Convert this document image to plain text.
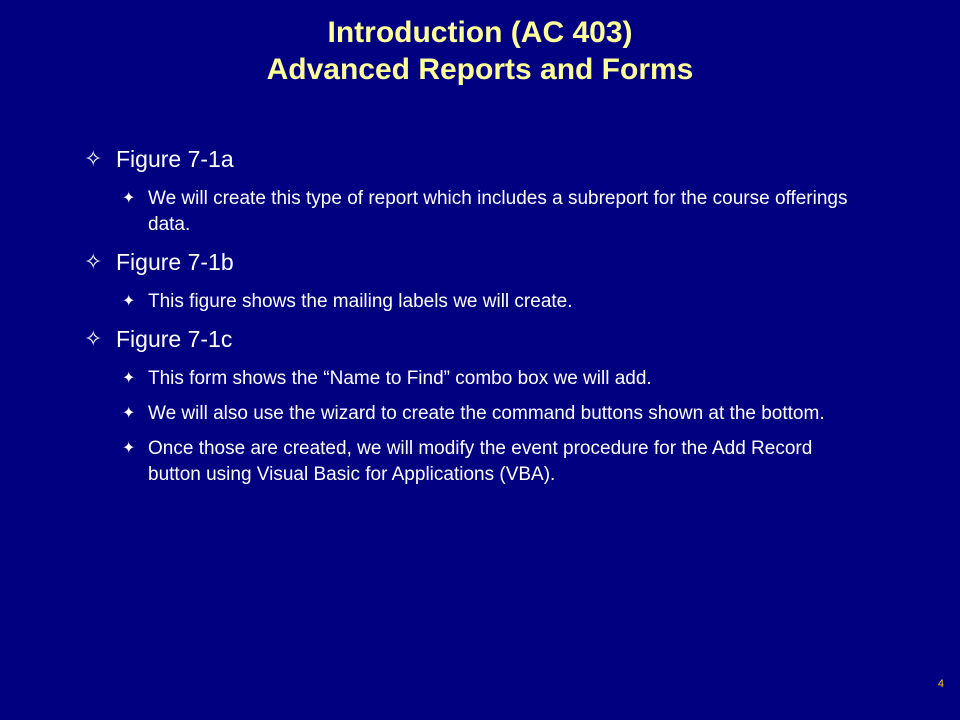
Introduction (AC 403)
Advanced Reports and Forms
✧ Figure 7-1a
✦ We will create this type of report which includes a subreport for the course offerings data.
✧ Figure 7-1b
✦ This figure shows the mailing labels we will create.
✧ Figure 7-1c
✦ This form shows the “Name to Find” combo box we will add.
✦ We will also use the wizard to create the command buttons shown at the bottom.
✦ Once those are created, we will modify the event procedure for the Add Record button using Visual Basic for Applications (VBA).
4
